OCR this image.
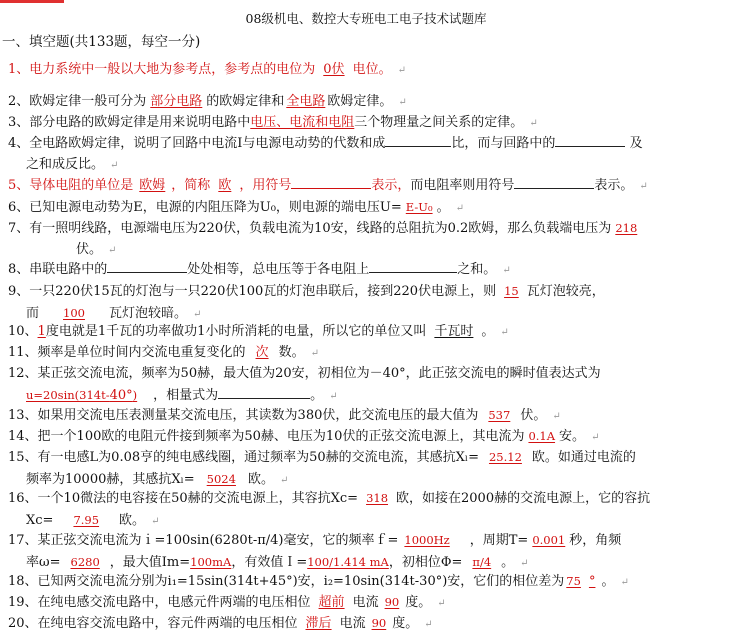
08级机电、数控大专班电工电子技术试题库
一、填空题(共133题，每空一分)
1、电力系统中一般以大地为参考点，参考点的电位为 0伏 电位。 ↵
2、欧姆定律一般可分为 部分电路 的欧姆定律和 全电路 欧姆定律。 ↵
3、部分电路的欧姆定律是用来说明电路中电压、电流和电阻三个物理量之间关系的定律。 ↵
4、全电路欧姆定律，说明了回路中电流Ⅰ与电源电动势的代数和成	比，而与回路中的	及
之和成反比。 ↵
5、导体电阻的单位是 欧姆 ，简称 欧 ，用符号	表示，而电阻率则用符号	表示。 ↵
6、已知电源电动势为E，电源的内阻压降为U₀，则电源的端电压U= E-U₀ 。 ↵
7、有一照明线路，电源端电压为220伏，负载电流为10安，线路的总阻抗为0.2欧姆，那么负载端电压为 218
伏。 ↵
8、串联电路中的	处处相等，总电压等于各电阻上	之和。 ↵
9、一只220伏15瓦的灯泡与一只220伏100瓦的灯泡串联后，接到220伏电源上，则 15 瓦灯泡较亮，
而 100 瓦灯泡较暗。 ↵
10、1度电就是1千瓦的功率做功1小时所消耗的电量，所以它的单位又叫 千瓦时 。 ↵
11、频率是单位时间内交流电重复变化的 次 数。 ↵
12、某正弦交流电流，频率为50赫，最大值为20安，初相位为－40°，此正弦交流电的瞬时值表达式为
u=20sin(314t-40°) ，相量式为	。 ↵
13、如果用交流电压表测量某交流电压，其读数为380伏，此交流电压的最大值为 537 伏。 ↵
14、把一个100欧的电阻元件接到频率为50赫、电压为10伏的正弦交流电源上，其电流为 0.1A 安。 ↵
15、有一电感L为0.08亨的纯电感线圈，通过频率为50赫的交流电流，其感抗Xₗ= 25.12 欧。如通过电流的
频率为10000赫，其感抗Xₗ= 5024 欧。 ↵
16、一个10微法的电容接在50赫的交流电源上，其容抗Xc= 318 欧，如接在2000赫的交流电源上，它的容抗
Xc= 7.95 欧。 ↵
17、某正弦交流电流为ｉ=100sin(6280t-π/4)毫安，它的频率ｆ= 1000Hz ，周期T= 0.001 秒，角频
率ω= 6280 ，最大值Im=100mA，有效值Ｉ=100/1.414 mA，初相位Φ= π/4 。 ↵
18、已知两交流电流分别为i₁=15sin(314t+45°)安，i₂=10sin(314t-30°)安，它们的相位差为 75 ° 。 ↵
19、在纯电感交流电路中，电感元件两端的电压相位 超前 电流 90 度。 ↵
20、在纯电容交流电路中，容元件两端的电压相位 滞后 电流 90 度。 ↵
